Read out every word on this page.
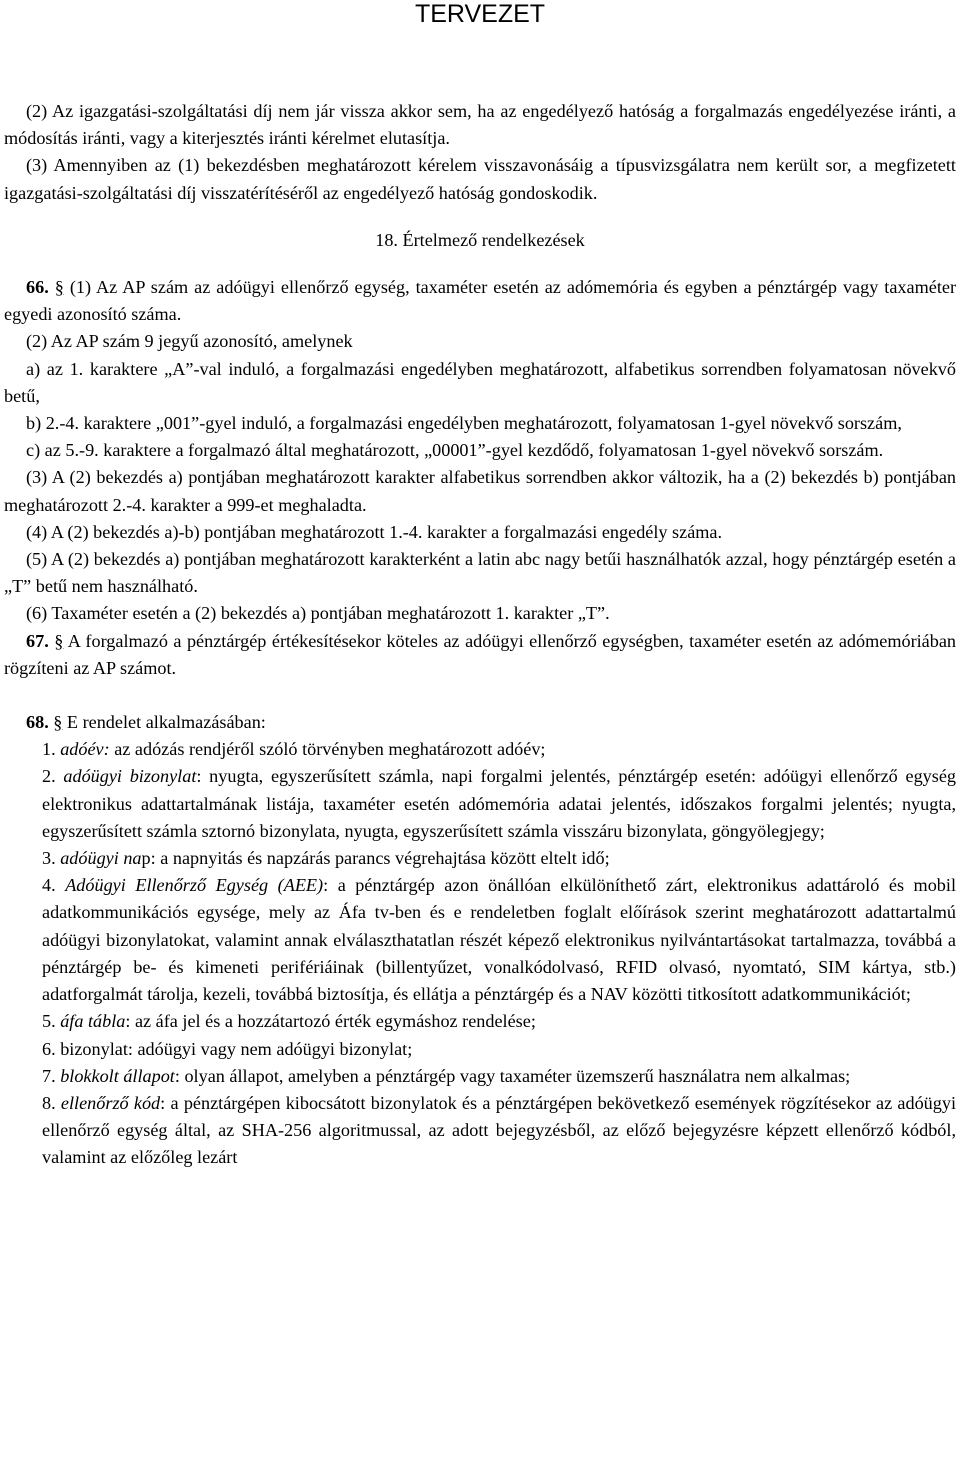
TERVEZET

(2) Az igazgatási-szolgáltatási díj nem jár vissza akkor sem, ha az engedélyező hatóság a forgalmazás engedélyezése iránti, a módosítás iránti, vagy a kiterjesztés iránti kérelmet elutasítja.

(3) Amennyiben az (1) bekezdésben meghatározott kérelem visszavonásáig a típusvizsgálatra nem került sor, a megfizetett igazgatási-szolgáltatási díj visszatérítéséről az engedélyező hatóság gondoskodik.

18. Értelmező rendelkezések

66. § (1) Az AP szám az adóügyi ellenőrző egység, taxaméter esetén az adómemória és egyben a pénztárgép vagy taxaméter egyedi azonosító száma.

(2) Az AP szám 9 jegyű azonosító, amelynek

a) az 1. karaktere „A”-val induló, a forgalmazási engedélyben meghatározott, alfabetikus sorrendben folyamatosan növekvő betű,

b) 2.-4. karaktere „001”-gyel induló, a forgalmazási engedélyben meghatározott, folyamatosan 1-gyel növekvő sorszám,

c) az 5.-9. karaktere a forgalmazó által meghatározott, „00001”-gyel kezdődő, folyamatosan 1-gyel növekvő sorszám.

(3) A (2) bekezdés a) pontjában meghatározott karakter alfabetikus sorrendben akkor változik, ha a (2) bekezdés b) pontjában meghatározott 2.-4. karakter a 999-et meghaladta.

(4) A (2) bekezdés a)-b) pontjában meghatározott 1.-4. karakter a forgalmazási engedély száma.

(5) A (2) bekezdés a) pontjában meghatározott karakterként a latin abc nagy betűi használhatók azzal, hogy pénztárgép esetén a „T” betű nem használható.

(6) Taxaméter esetén a (2) bekezdés a) pontjában meghatározott 1. karakter „T”.

67. § A forgalmazó a pénztárgép értékesítésekor köteles az adóügyi ellenőrző egységben, taxaméter esetén az adómemóriában rögzíteni az AP számot.

68. § E rendelet alkalmazásában:

1. adóév: az adózás rendjéről szóló törvényben meghatározott adóév;

2. adóügyi bizonylat: nyugta, egyszerűsített számla, napi forgalmi jelentés, pénztárgép esetén: adóügyi ellenőrző egység elektronikus adattartalmának listája, taxaméter esetén adómemória adatai jelentés, időszakos forgalmi jelentés; nyugta, egyszerűsített számla sztornó bizonylata, nyugta, egyszerűsített számla visszáru bizonylata, göngyölegjegy;

3. adóügyi nap: a napnyitás és napzárás parancs végrehajtása között eltelt idő;

4. Adóügyi Ellenőrző Egység (AEE): a pénztárgép azon önállóan elkülöníthető zárt, elektronikus adattároló és mobil adatkommunikációs egysége, mely az Áfa tv-ben és e rendeletben foglalt előírások szerint meghatározott adattartalmú adóügyi bizonylatokat, valamint annak elválaszthatatlan részét képező elektronikus nyilvántartásokat tartalmazza, továbbá a pénztárgép be- és kimeneti perifériáinak (billentyűzet, vonalkódolvasó, RFID olvasó, nyomtató, SIM kártya, stb.) adatforgalmát tárolja, kezeli, továbbá biztosítja, és ellátja a pénztárgép és a NAV közötti titkosított adatkommunikációt;

5. áfa tábla: az áfa jel és a hozzátartozó érték egymáshoz rendelése;

6. bizonylat: adóügyi vagy nem adóügyi bizonylat;

7. blokkolt állapot: olyan állapot, amelyben a pénztárgép vagy taxaméter üzemszerű használatra nem alkalmas;

8. ellenőrző kód: a pénztárgépen kibocsátott bizonylatok és a pénztárgépen bekövetkező események rögzítésekor az adóügyi ellenőrző egység által, az SHA-256 algoritmussal, az adott bejegyzésből, az előző bejegyzésre képzett ellenőrző kódból, valamint az előzőleg lezárt
